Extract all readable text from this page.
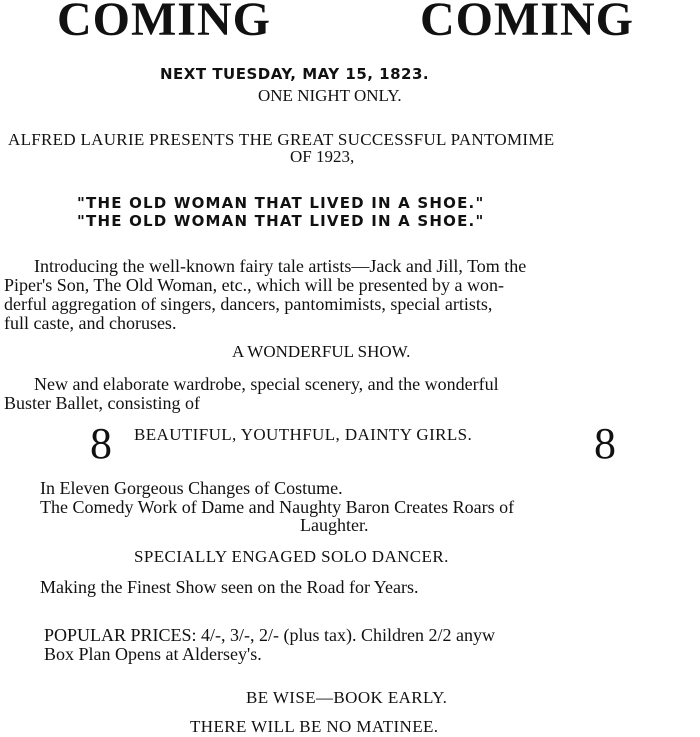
COMING	COMING
NEXT TUESDAY, MAY 15, 1823.
ONE NIGHT ONLY.
ALFRED LAURIE PRESENTS THE GREAT SUCCESSFUL PANTOMIME
OF 1923,
"THE OLD WOMAN THAT LIVED IN A SHOE."
"THE OLD WOMAN THAT LIVED IN A SHOE."
Introducing the well-known fairy tale artists—Jack and Jill, Tom the
Piper's Son, The Old Woman, etc., which will be presented by a won-
derful aggregation of singers, dancers, pantomimists, special artists,
full caste, and choruses.
A WONDERFUL SHOW.
New and elaborate wardrobe, special scenery, and the wonderful
Buster Ballet, consisting of
8 BEAUTIFUL, YOUTHFUL, DAINTY GIRLS.	8
In Eleven Gorgeous Changes of Costume.
The Comedy Work of Dame and Naughty Baron Creates Roars of
Laughter.
SPECIALLY ENGAGED SOLO DANCER.
Making the Finest Show seen on the Road for Years.
POPULAR PRICES: 4/-, 3/-, 2/- (plus tax). Children 2/2 anyw
Box Plan Opens at Aldersey's.
BE WISE—BOOK EARLY.
THERE WILL BE NO MATINEE.
